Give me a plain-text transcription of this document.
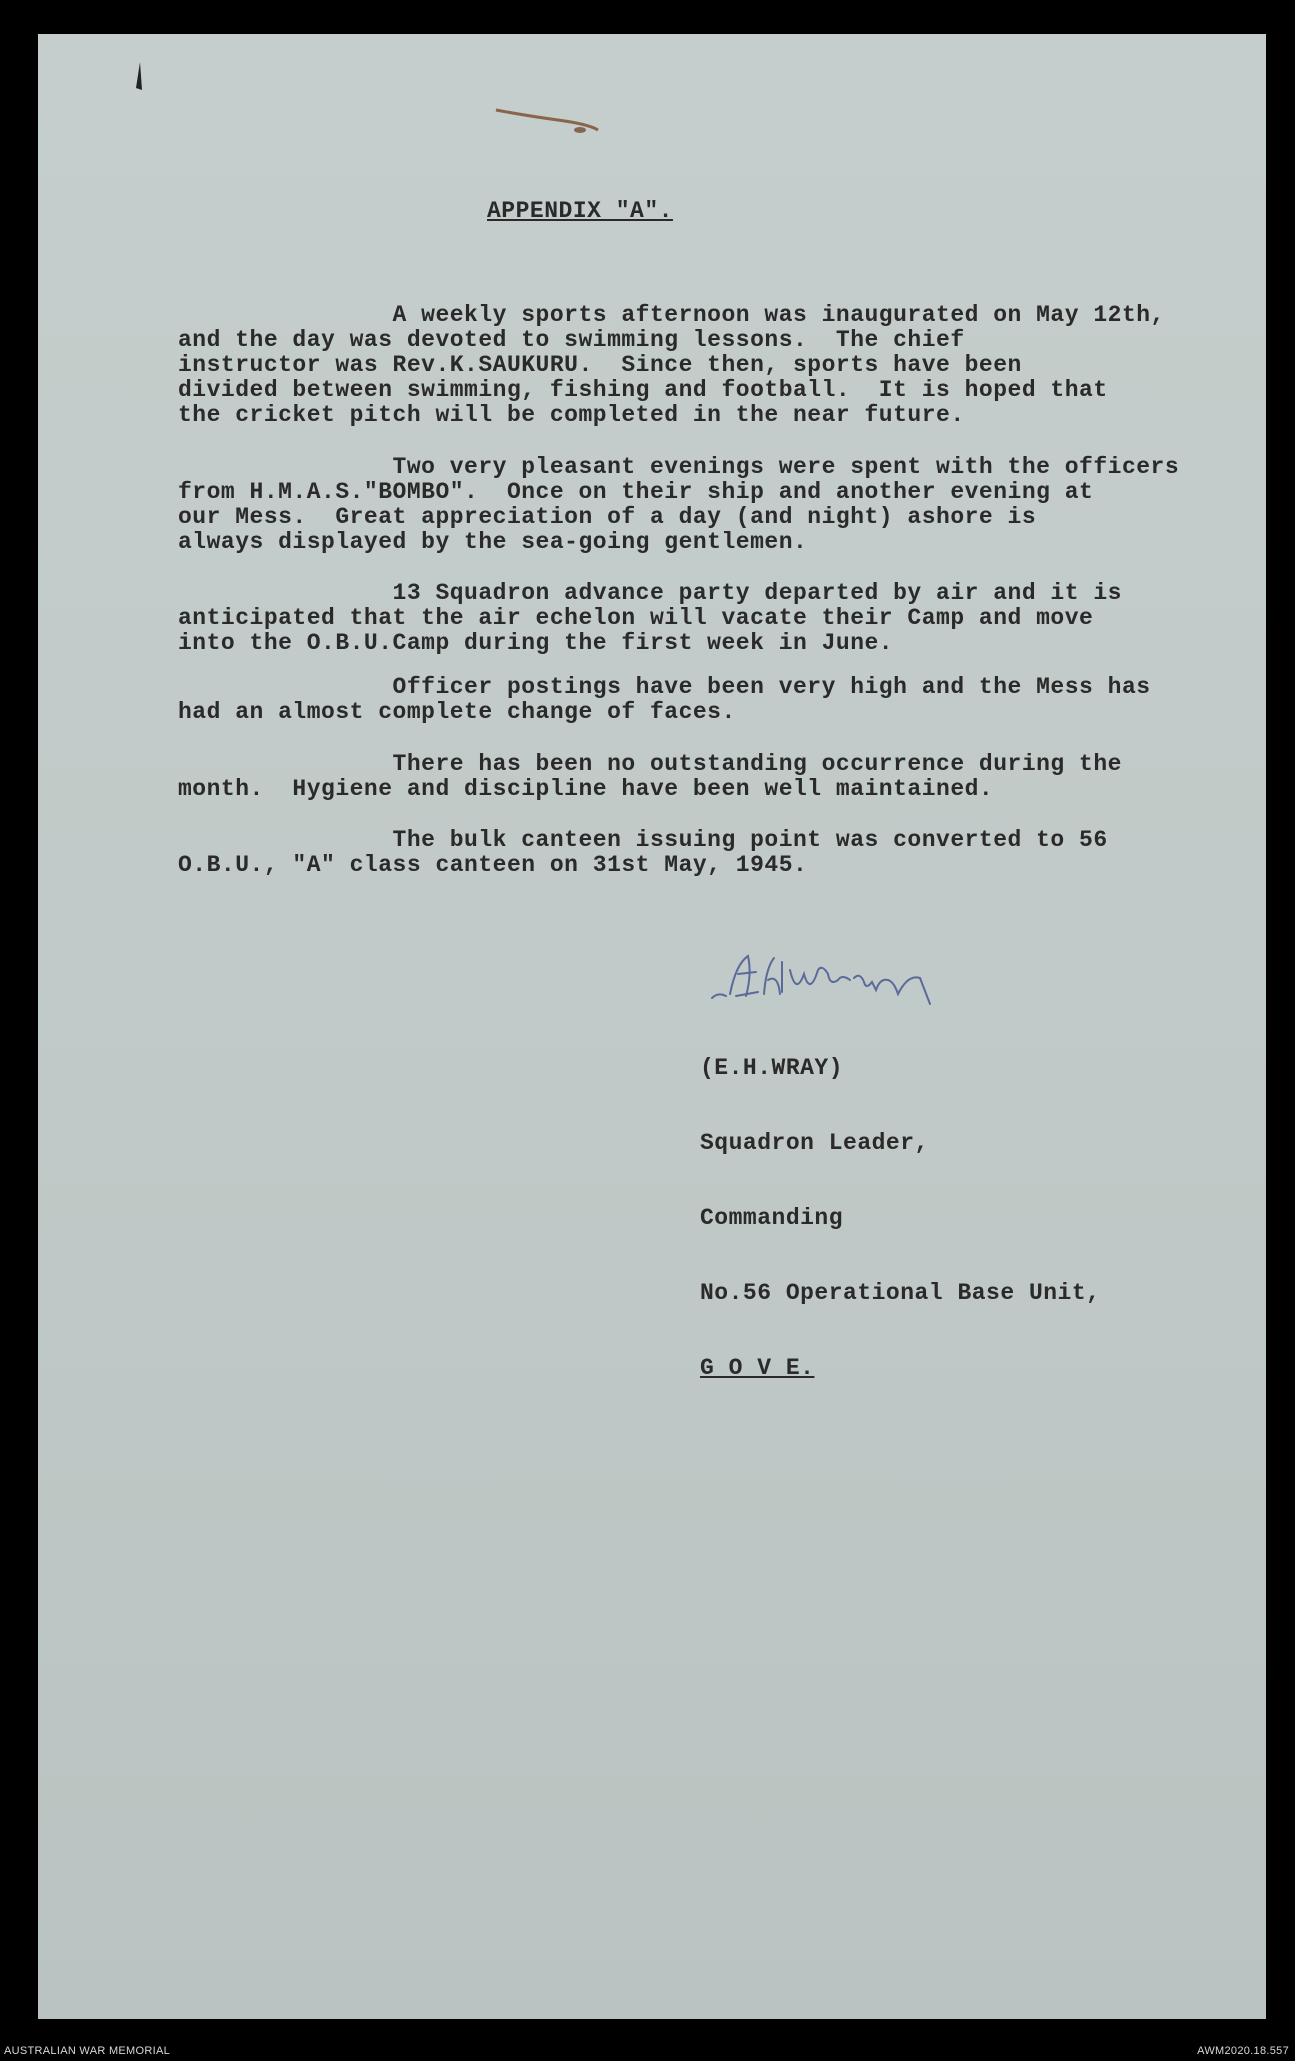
APPENDIX "A".
A weekly sports afternoon was inaugurated on May 12th,
and the day was devoted to swimming lessons.  The chief
instructor was Rev.K.SAUKURU.  Since then, sports have been
divided between swimming, fishing and football.  It is hoped that
the cricket pitch will be completed in the near future.
Two very pleasant evenings were spent with the officers
from H.M.A.S."BOMBO".  Once on their ship and another evening at
our Mess.  Great appreciation of a day (and night) ashore is
always displayed by the sea-going gentlemen.
13 Squadron advance party departed by air and it is
anticipated that the air echelon will vacate their Camp and move
into the O.B.U.Camp during the first week in June.
Officer postings have been very high and the Mess has
had an almost complete change of faces.
There has been no outstanding occurrence during the
month.  Hygiene and discipline have been well maintained.
The bulk canteen issuing point was converted to 56
O.B.U., "A" class canteen on 31st May, 1945.

(E.H.WRAY)

Squadron Leader,

Commanding

No.56 Operational Base Unit,

G O V E.

AUSTRALIAN WAR MEMORIAL	AWM2020.18.557
